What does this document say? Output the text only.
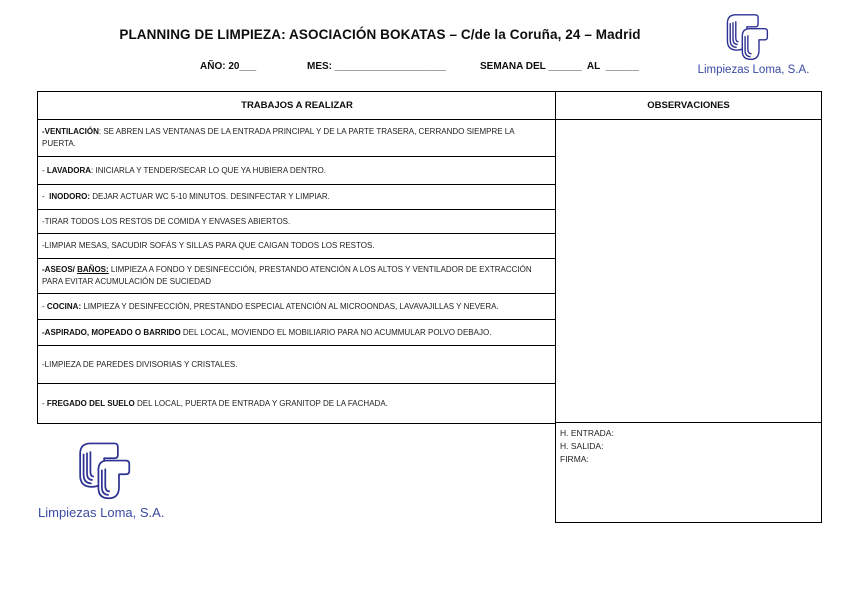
PLANNING DE LIMPIEZA: ASOCIACIÓN BOKATAS – C/de la Coruña, 24 – Madrid
AÑO: 20___	MES: ____________________	SEMANA DEL ______  AL  ______	Limpiezas Loma, S.A.
TRABAJOS A REALIZAR
-VENTILACIÓN: SE ABREN LAS VENTANAS DE LA ENTRADA PRINCIPAL Y DE LA PARTE TRASERA, CERRANDO SIEMPRE LA PUERTA.
- LAVADORA: INICIARLA Y TENDER/SECAR LO QUE YA HUBIERA DENTRO.
-  INODORO: DEJAR ACTUAR WC 5-10 MINUTOS. DESINFECTAR Y LIMPIAR.
-TIRAR TODOS LOS RESTOS DE COMIDA Y ENVASES ABIERTOS.
-LIMPIAR MESAS, SACUDIR SOFÁS Y SILLAS PARA QUE CAIGAN TODOS LOS RESTOS.
-ASEOS/ BAÑOS: LIMPIEZA A FONDO Y DESINFECCIÓN, PRESTANDO ATENCIÓN A LOS ALTOS Y VENTILADOR DE EXTRACCIÓN PARA EVITAR ACUMULACIÓN DE SUCIEDAD
- COCINA: LIMPIEZA Y DESINFECCIÓN, PRESTANDO ESPECIAL ATENCIÓN AL MICROONDAS, LAVAVAJILLAS Y NEVERA.
-ASPIRADO, MOPEADO O BARRIDO DEL LOCAL, MOVIENDO EL MOBILIARIO PARA NO ACUMMULAR POLVO DEBAJO.
-LIMPIEZA DE PAREDES DIVISORIAS Y CRISTALES.
- FREGADO DEL SUELO DEL LOCAL, PUERTA DE ENTRADA Y GRANITOP DE LA FACHADA.
OBSERVACIONES
H. ENTRADA:
H. SALIDA:
FIRMA:
Limpiezas Loma, S.A.
